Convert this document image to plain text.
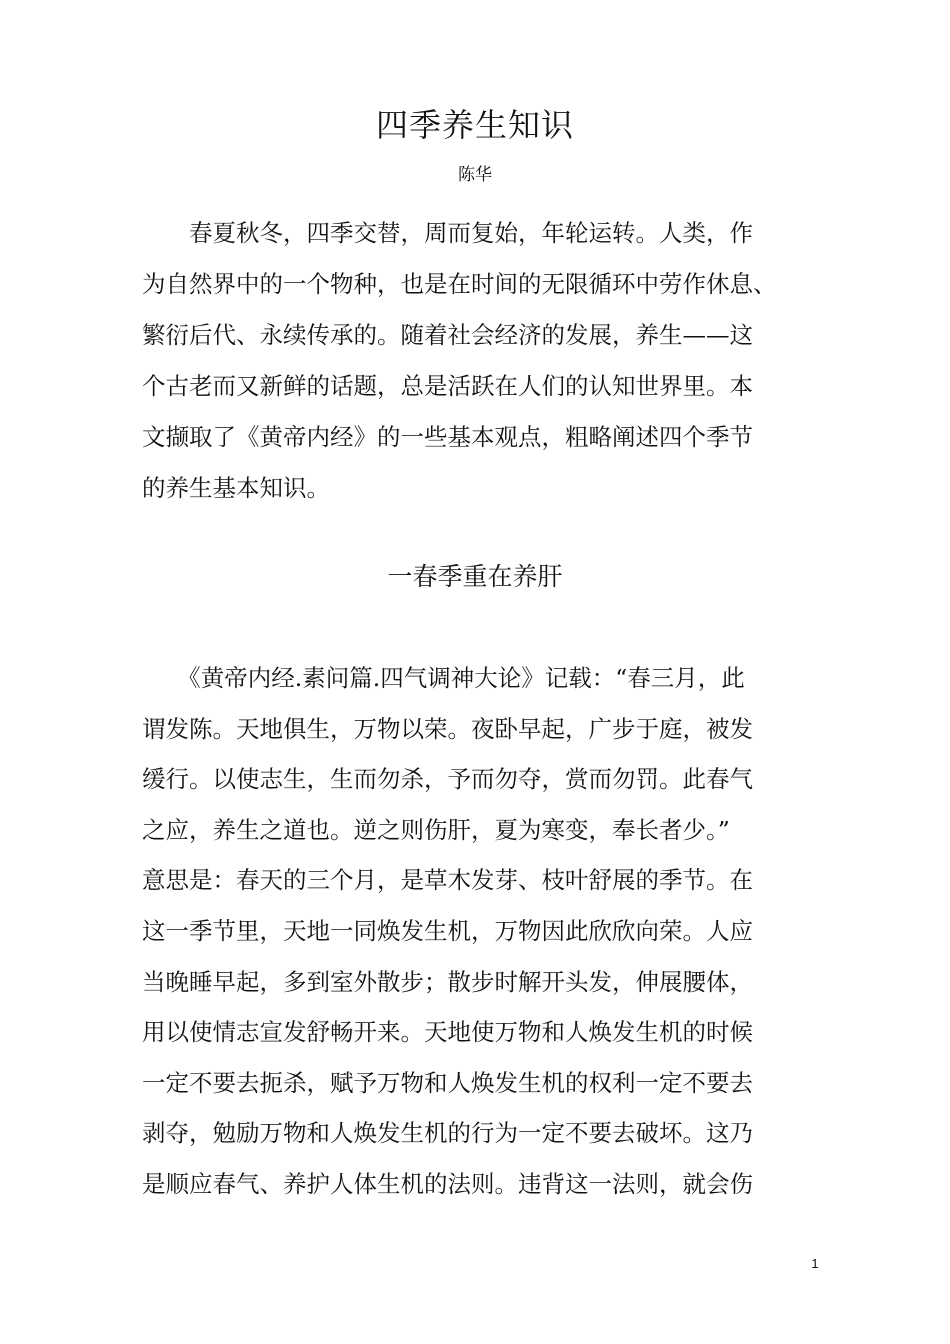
四季养生知识
陈华
　　春夏秋冬，四季交替，周而复始，年轮运转。人类，作
为自然界中的一个物种，也是在时间的无限循环中劳作休息、
繁衍后代、永续传承的。随着社会经济的发展，养生——这
个古老而又新鲜的话题，总是活跃在人们的认知世界里。本
文撷取了《黄帝内经》的一些基本观点，粗略阐述四个季节
的养生基本知识。
一春季重在养肝
　　《黄帝内经.素问篇.四气调神大论》记载：“春三月，此
谓发陈。天地俱生，万物以荣。夜卧早起，广步于庭，被发
缓行。以使志生，生而勿杀，予而勿夺，赏而勿罚。此春气
之应，养生之道也。逆之则伤肝，夏为寒变，奉长者少。”
意思是：春天的三个月，是草木发芽、枝叶舒展的季节。在
这一季节里，天地一同焕发生机，万物因此欣欣向荣。人应
当晚睡早起，多到室外散步；散步时解开头发，伸展腰体，
用以使情志宣发舒畅开来。天地使万物和人焕发生机的时候
一定不要去扼杀，赋予万物和人焕发生机的权利一定不要去
剥夺，勉励万物和人焕发生机的行为一定不要去破坏。这乃
是顺应春气、养护人体生机的法则。违背这一法则，就会伤
1
